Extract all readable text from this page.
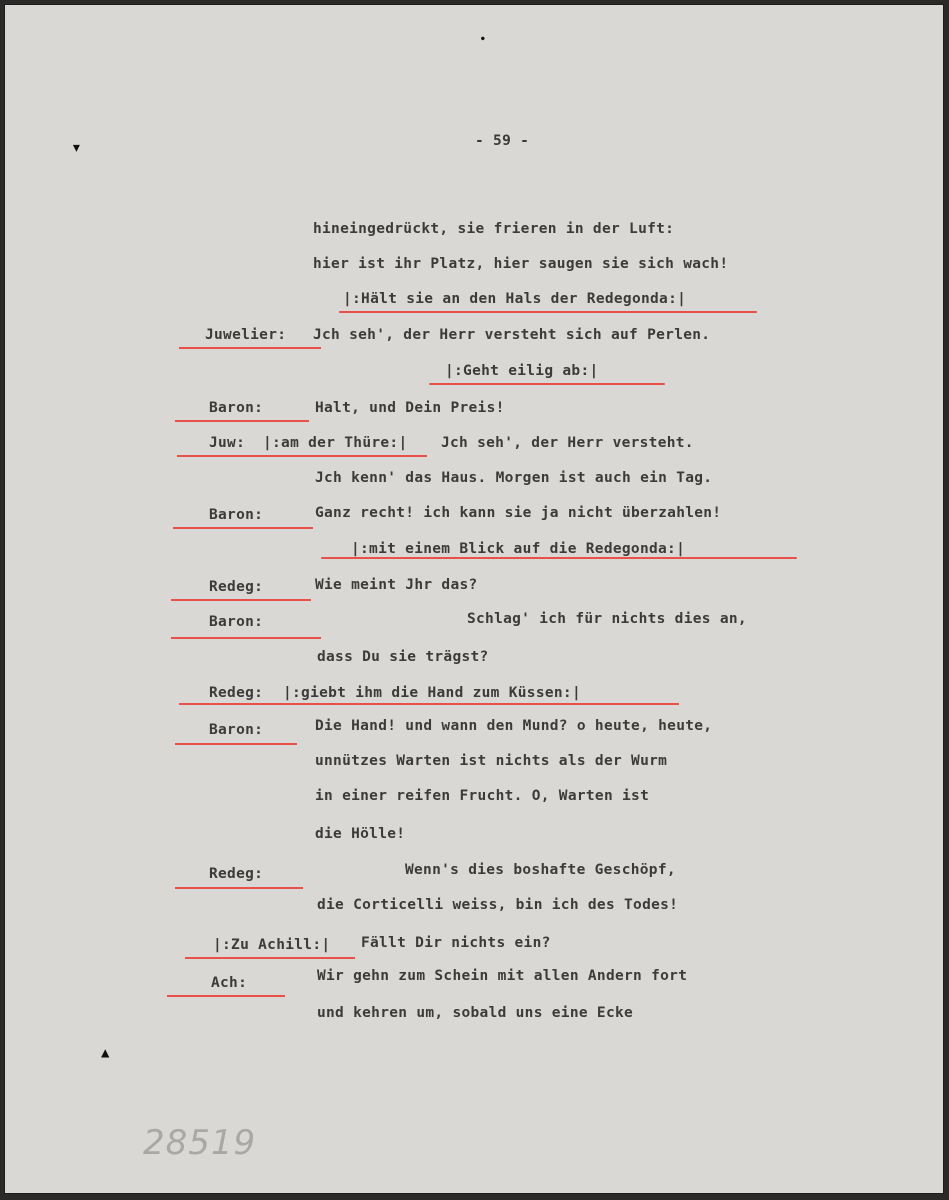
- 59 -
hineingedrückt, sie frieren in der Luft:
hier ist ihr Platz, hier saugen sie sich wach!
|:Hält sie an den Hals der Redegonda:|
Juwelier: Jch seh', der Herr versteht sich auf Perlen.
|:Geht eilig ab:|
Baron:	Halt, und Dein Preis!
Juw: |:am der Thüre:| Jch seh', der Herr versteht.
Jch kenn' das Haus. Morgen ist auch ein Tag.
Baron:	Ganz recht! ich kann sie ja nicht überzahlen!
|:mit einem Blick auf die Redegonda:|
Redeg:	Wie meint Jhr das?
Baron:	Schlag' ich für nichts dies an,
dass Du sie trägst?
Redeg: |:giebt ihm die Hand zum Küssen:|
Baron:	Die Hand! und wann den Mund? o heute, heute,
unnützes Warten ist nichts als der Wurm
in einer reifen Frucht. O, Warten ist
die Hölle!
Redeg:	Wenn's dies boshafte Geschöpf,
die Corticelli weiss, bin ich des Todes!
|:Zu Achill:| Fällt Dir nichts ein?
Ach:	Wir gehn zum Schein mit allen Andern fort
und kehren um, sobald uns eine Ecke
▾
▲
●
28519
